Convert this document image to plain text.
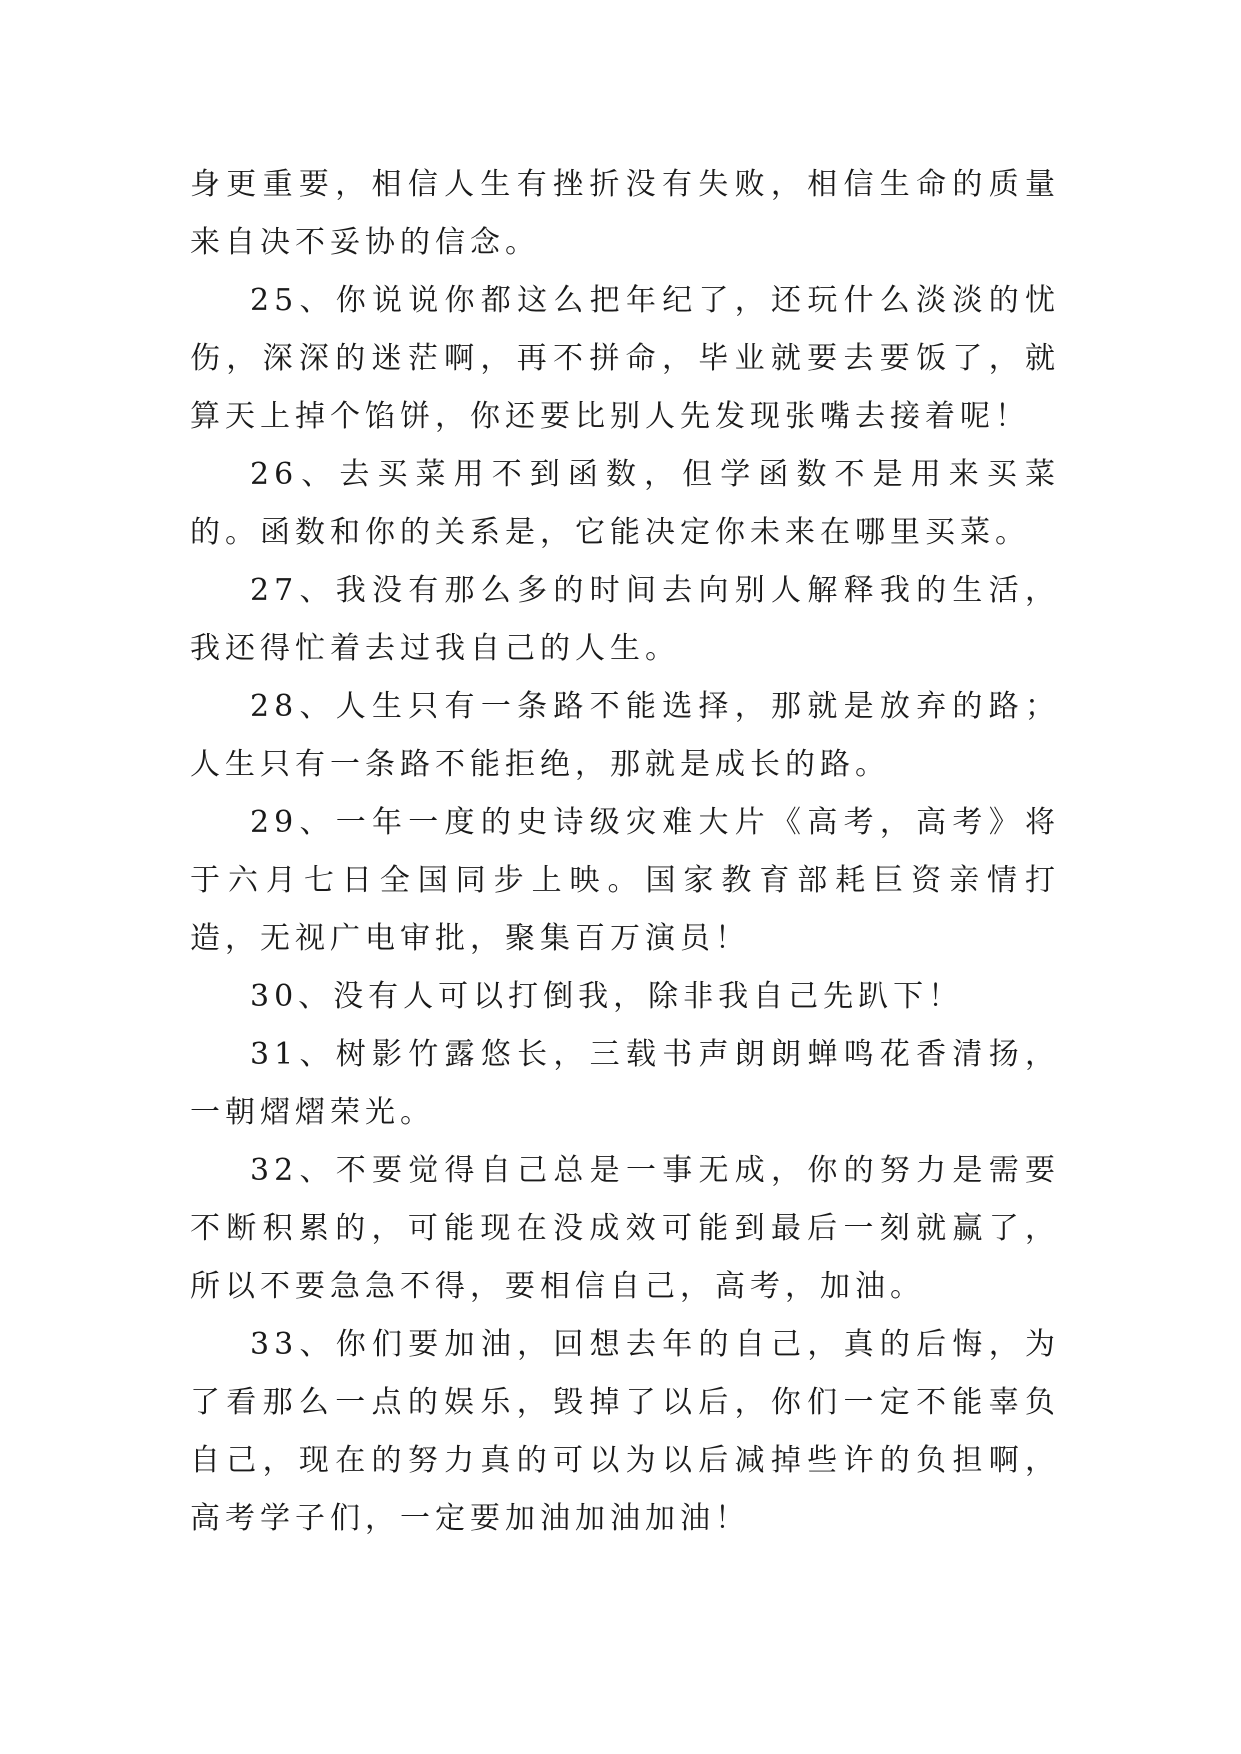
身更重要，相信人生有挫折没有失败，相信生命的质量来自决不妥协的信念。

25、你说说你都这么把年纪了，还玩什么淡淡的忧伤，深深的迷茫啊，再不拼命，毕业就要去要饭了，就算天上掉个馅饼，你还要比别人先发现张嘴去接着呢！

26、去买菜用不到函数，但学函数不是用来买菜的。函数和你的关系是，它能决定你未来在哪里买菜。

27、我没有那么多的时间去向别人解释我的生活，我还得忙着去过我自己的人生。

28、人生只有一条路不能选择，那就是放弃的路；人生只有一条路不能拒绝，那就是成长的路。

29、一年一度的史诗级灾难大片《高考，高考》将于六月七日全国同步上映。国家教育部耗巨资亲情打造，无视广电审批，聚集百万演员！

30、没有人可以打倒我，除非我自己先趴下！

31、树影竹露悠长，三载书声朗朗蝉鸣花香清扬，一朝熠熠荣光。

32、不要觉得自己总是一事无成，你的努力是需要不断积累的，可能现在没成效可能到最后一刻就赢了，所以不要急急不得，要相信自己，高考，加油。

33、你们要加油，回想去年的自己，真的后悔，为了看那么一点的娱乐，毁掉了以后，你们一定不能辜负自己，现在的努力真的可以为以后减掉些许的负担啊，高考学子们，一定要加油加油加油！
